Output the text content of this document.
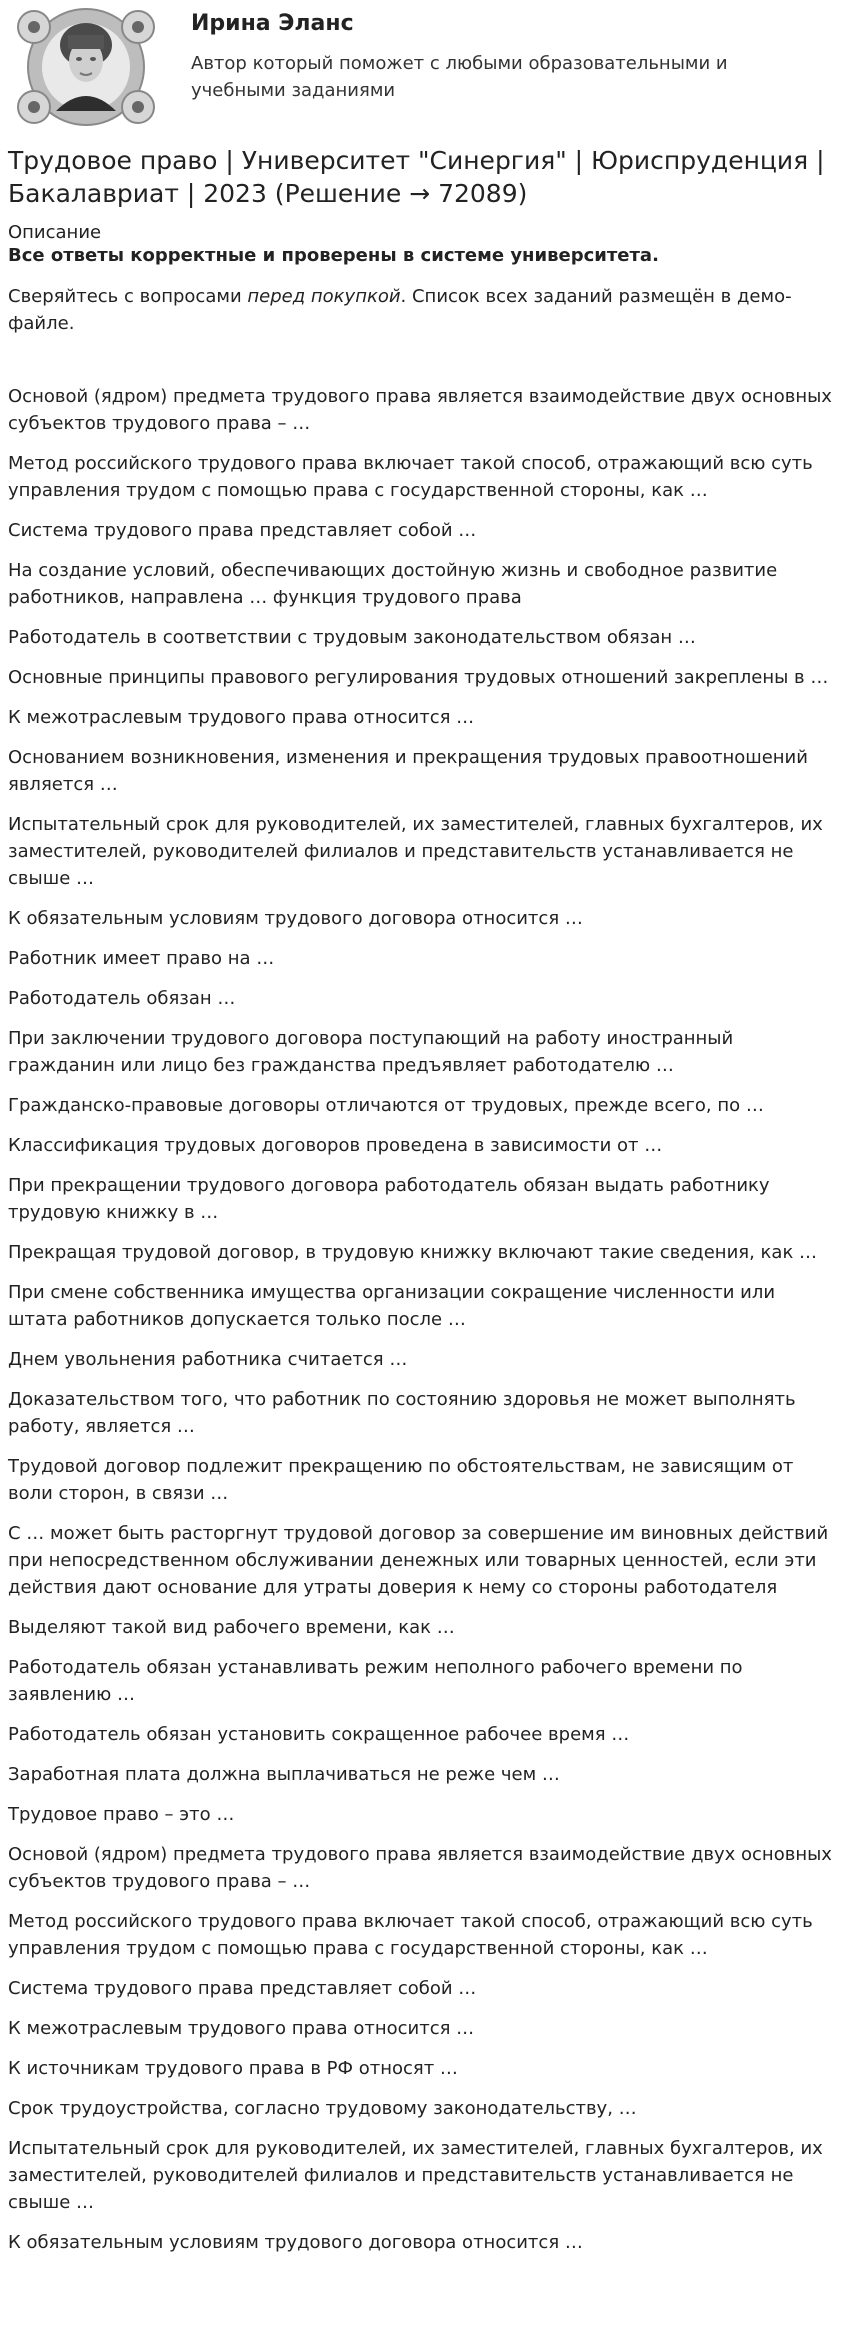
Ирина Эланс
Автор который поможет с любыми образовательными и учебными заданиями
Трудовое право | Университет "Синергия" | Юриспруденция | Бакалавриат | 2023 (Решение → 72089)
Описание
Все ответы корректные и проверены в системе университета.
Сверяйтесь с вопросами перед покупкой. Список всех заданий размещён в демо-файле.
Основой (ядром) предмета трудового права является взаимодействие двух основных субъектов трудового права – …
Метод российского трудового права включает такой способ, отражающий всю суть управления трудом с помощью права с государственной стороны, как …
Система трудового права представляет собой …
На создание условий, обеспечивающих достойную жизнь и свободное развитие работников, направлена … функция трудового права
Работодатель в соответствии с трудовым законодательством обязан …
Основные принципы правового регулирования трудовых отношений закреплены в …
К межотраслевым трудового права относится …
Основанием возникновения, изменения и прекращения трудовых правоотношений является …
Испытательный срок для руководителей, их заместителей, главных бухгалтеров, их заместителей, руководителей филиалов и представительств устанавливается не свыше …
К обязательным условиям трудового договора относится …
Работник имеет право на …
Работодатель обязан …
При заключении трудового договора поступающий на работу иностранный гражданин или лицо без гражданства предъявляет работодателю …
Гражданско-правовые договоры отличаются от трудовых, прежде всего, по …
Классификация трудовых договоров проведена в зависимости от …
При прекращении трудового договора работодатель обязан выдать работнику трудовую книжку в …
Прекращая трудовой договор, в трудовую книжку включают такие сведения, как …
При смене собственника имущества организации сокращение численности или штата работников допускается только после …
Днем увольнения работника считается …
Доказательством того, что работник по состоянию здоровья не может выполнять работу, является …
Трудовой договор подлежит прекращению по обстоятельствам, не зависящим от воли сторон, в связи …
С … может быть расторгнут трудовой договор за совершение им виновных действий при непосредственном обслуживании денежных или товарных ценностей, если эти действия дают основание для утраты доверия к нему со стороны работодателя
Выделяют такой вид рабочего времени, как …
Работодатель обязан устанавливать режим неполного рабочего времени по заявлению …
Работодатель обязан установить сокращенное рабочее время …
Заработная плата должна выплачиваться не реже чем …
Трудовое право – это …
Основой (ядром) предмета трудового права является взаимодействие двух основных субъектов трудового права – …
Метод российского трудового права включает такой способ, отражающий всю суть управления трудом с помощью права с государственной стороны, как …
Система трудового права представляет собой …
К межотраслевым трудового права относится …
К источникам трудового права в РФ относят …
Срок трудоустройства, согласно трудовому законодательству, …
Испытательный срок для руководителей, их заместителей, главных бухгалтеров, их заместителей, руководителей филиалов и представительств устанавливается не свыше …
К обязательным условиям трудового договора относится …
